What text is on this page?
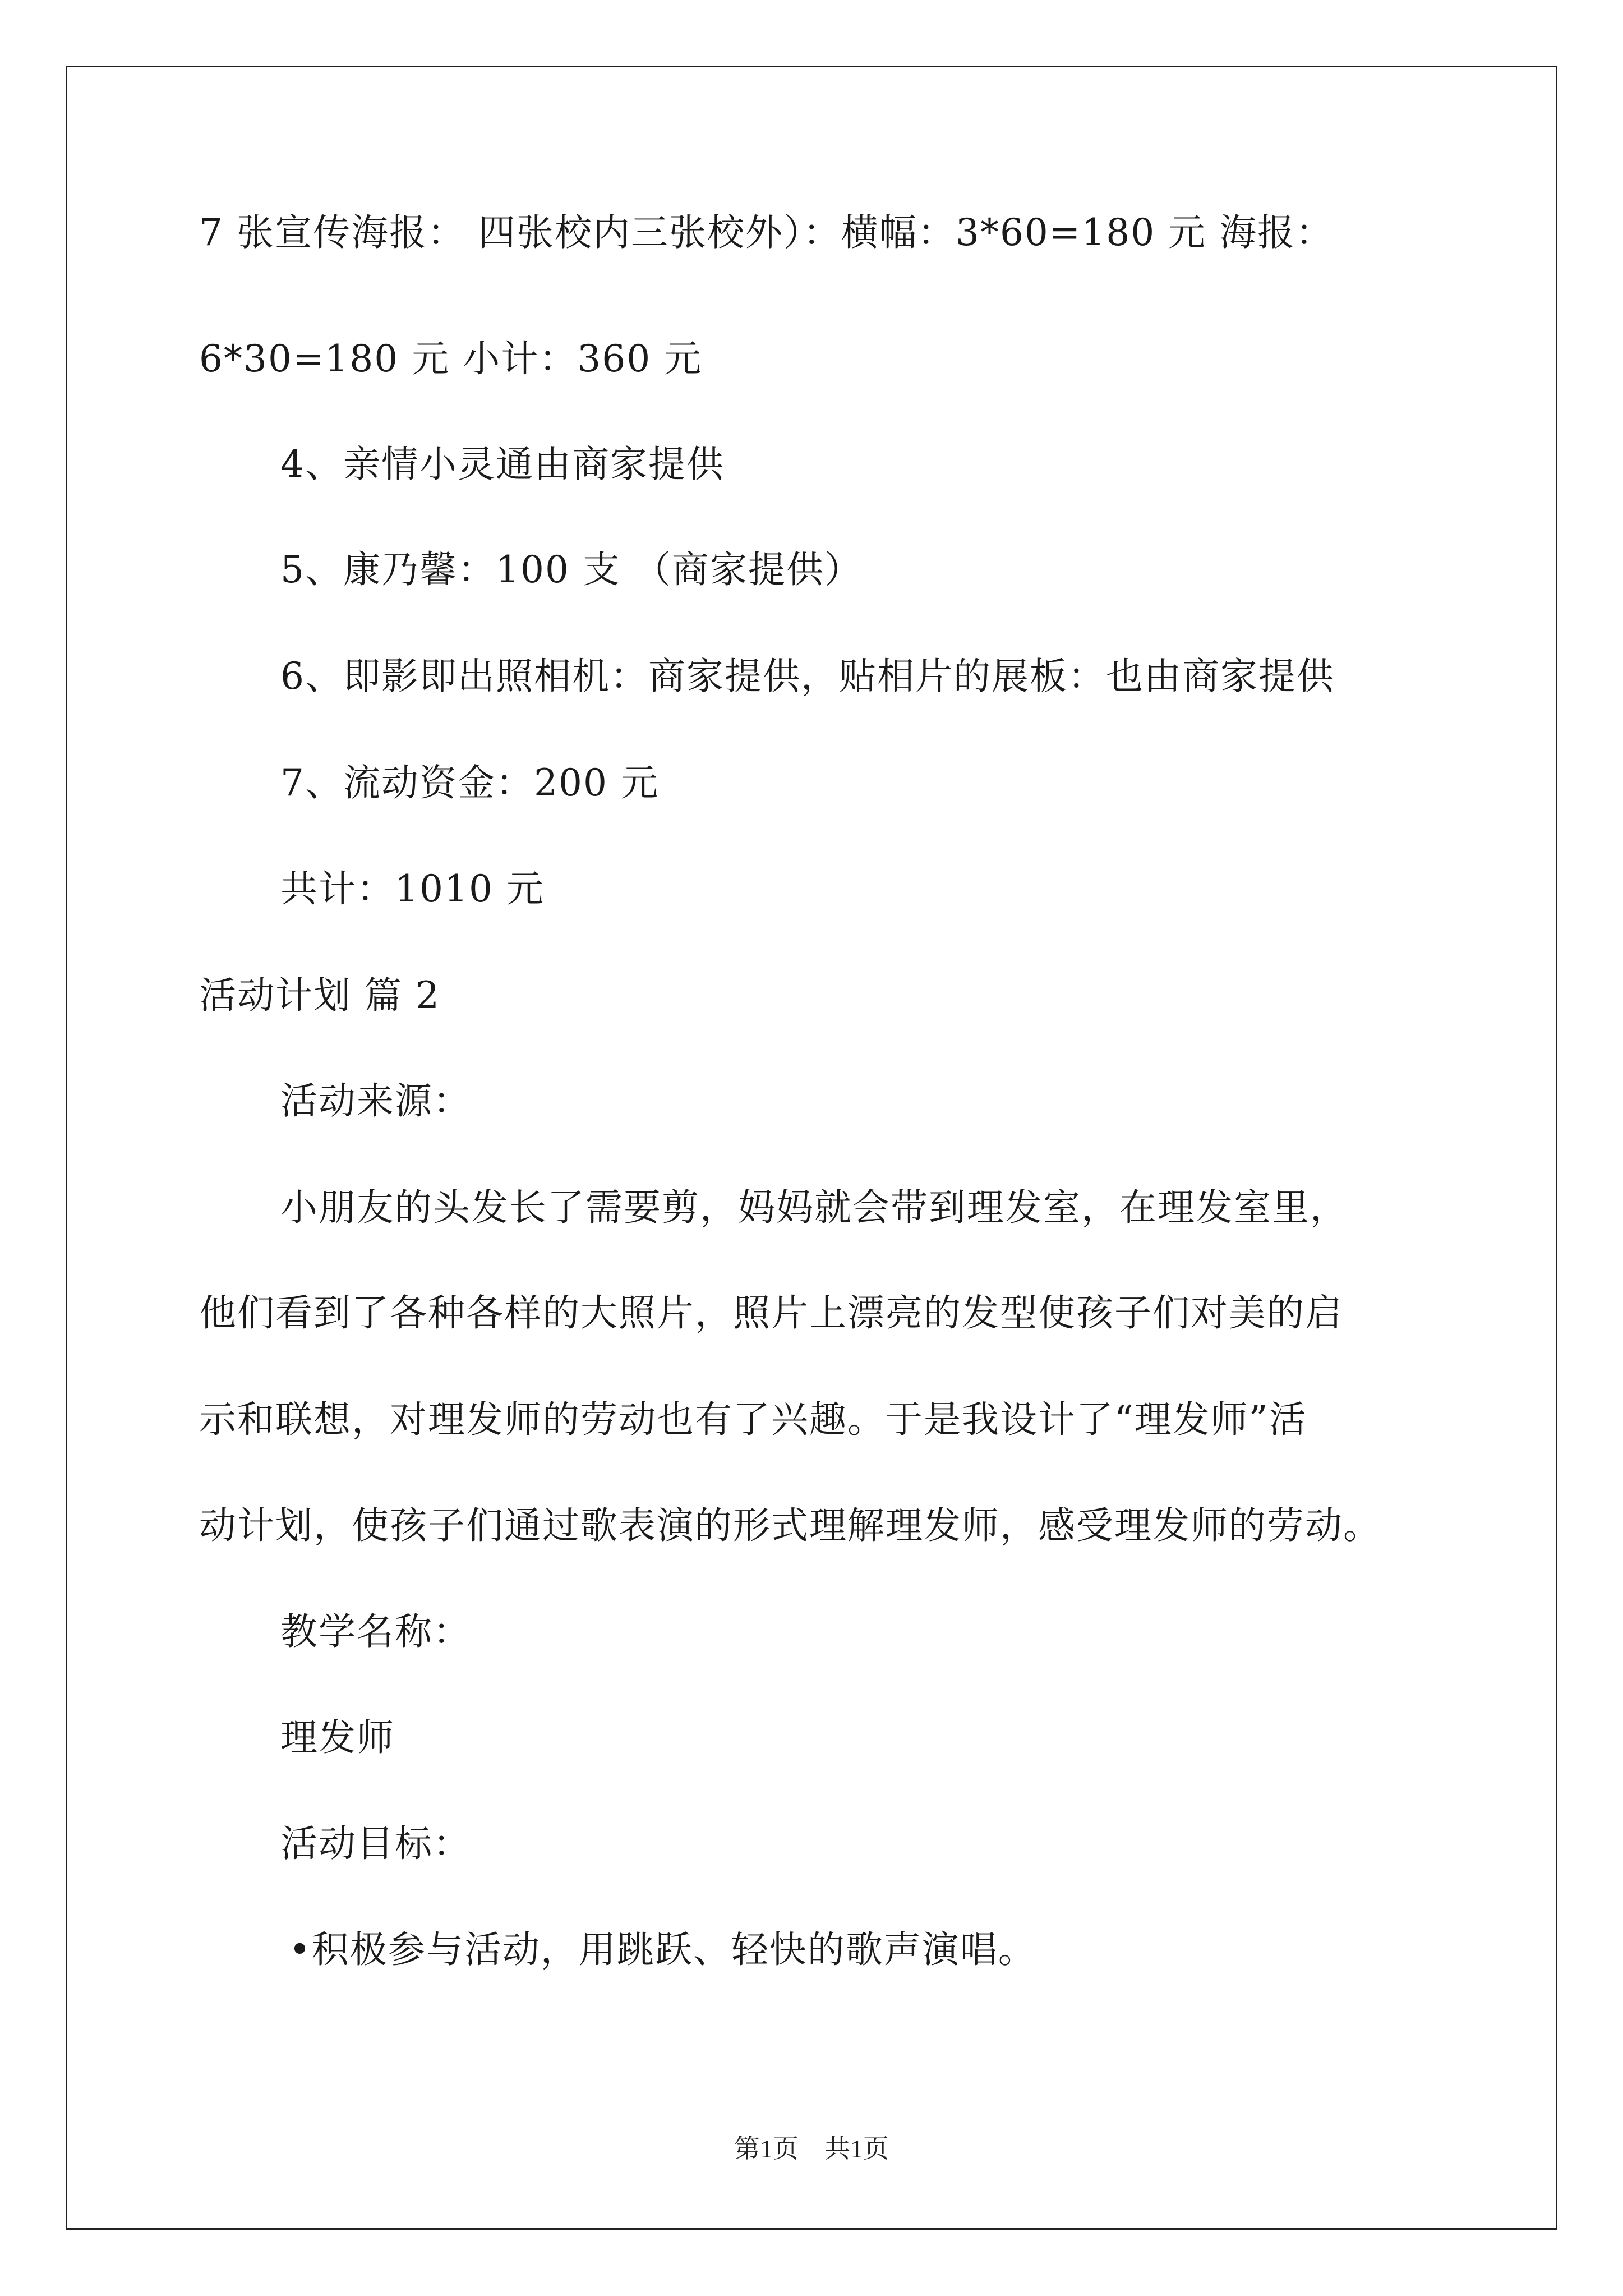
7 张宣传海报： 四张校内三张校外）：横幅：3*60=180 元 海报：
6*30=180 元 小计：360 元
4、亲情小灵通由商家提供
5、康乃馨：100 支 （商家提供）
6、即影即出照相机：商家提供，贴相片的展板：也由商家提供
7、流动资金：200 元
共计：1010 元
活动计划 篇 2
活动来源：
小朋友的头发长了需要剪，妈妈就会带到理发室，在理发室里，
他们看到了各种各样的大照片，照片上漂亮的发型使孩子们对美的启
示和联想，对理发师的劳动也有了兴趣。于是我设计了“理发师”活
动计划，使孩子们通过歌表演的形式理解理发师，感受理发师的劳动。
教学名称：
理发师
活动目标：
•积极参与活动，用跳跃、轻快的歌声演唱。
第1页　共1页
